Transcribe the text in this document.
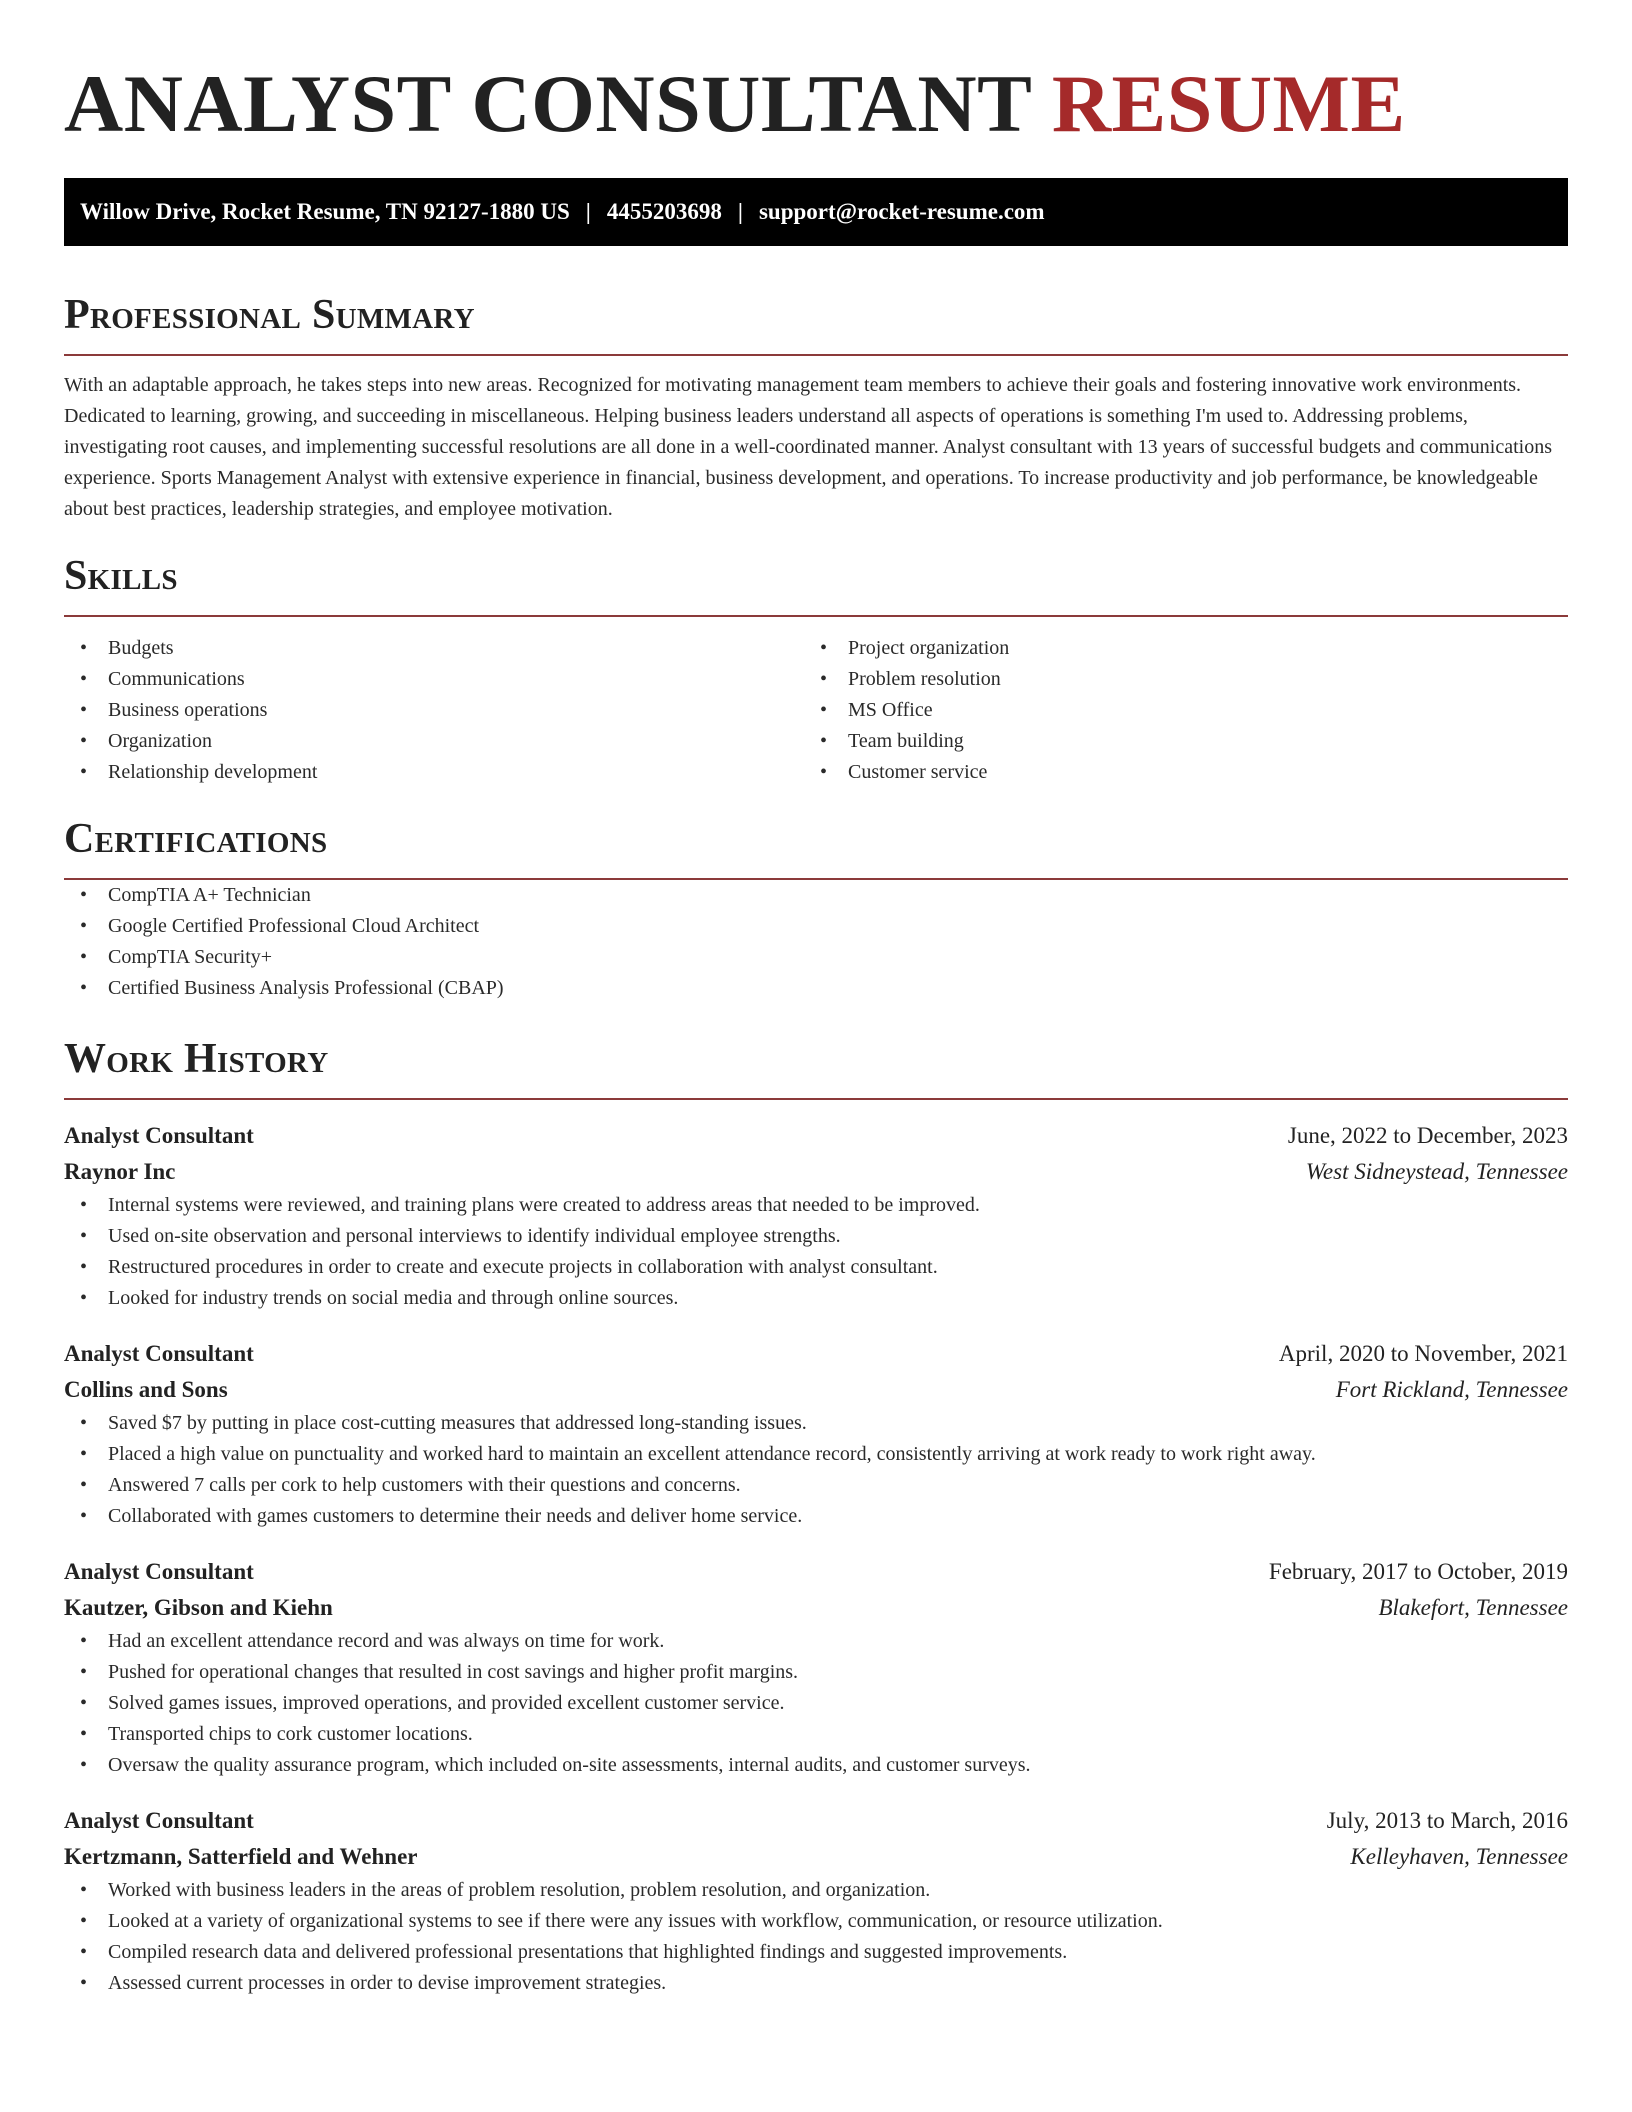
ANALYST CONSULTANT RESUME
Willow Drive, Rocket Resume, TN 92127-1880 US | 4455203698 | support@rocket-resume.com
Professional Summary

With an adaptable approach, he takes steps into new areas. Recognized for motivating management team members to achieve their goals and fostering innovative work environments. Dedicated to learning, growing, and succeeding in miscellaneous. Helping business leaders understand all aspects of operations is something I'm used to. Addressing problems, investigating root causes, and implementing successful resolutions are all done in a well-coordinated manner. Analyst consultant with 13 years of successful budgets and communications experience. Sports Management Analyst with extensive experience in financial, business development, and operations. To increase productivity and job performance, be knowledgeable about best practices, leadership strategies, and employee motivation.

Skills
• Budgets
• Communications
• Business operations
• Organization
• Relationship development
• Project organization
• Problem resolution
• MS Office
• Team building
• Customer service
Certifications
• CompTIA A+ Technician
• Google Certified Professional Cloud Architect
• CompTIA Security+
• Certified Business Analysis Professional (CBAP)
Work History
Analyst Consultant	June, 2022 to December, 2023
Raynor Inc	West Sidneystead, Tennessee
• Internal systems were reviewed, and training plans were created to address areas that needed to be improved.
• Used on-site observation and personal interviews to identify individual employee strengths.
• Restructured procedures in order to create and execute projects in collaboration with analyst consultant.
• Looked for industry trends on social media and through online sources.
Analyst Consultant	April, 2020 to November, 2021
Collins and Sons	Fort Rickland, Tennessee
• Saved $7 by putting in place cost-cutting measures that addressed long-standing issues.
• Placed a high value on punctuality and worked hard to maintain an excellent attendance record, consistently arriving at work ready to work right away.
• Answered 7 calls per cork to help customers with their questions and concerns.
• Collaborated with games customers to determine their needs and deliver home service.
Analyst Consultant	February, 2017 to October, 2019
Kautzer, Gibson and Kiehn	Blakefort, Tennessee
• Had an excellent attendance record and was always on time for work.
• Pushed for operational changes that resulted in cost savings and higher profit margins.
• Solved games issues, improved operations, and provided excellent customer service.
• Transported chips to cork customer locations.
• Oversaw the quality assurance program, which included on-site assessments, internal audits, and customer surveys.
Analyst Consultant	July, 2013 to March, 2016
Kertzmann, Satterfield and Wehner	Kelleyhaven, Tennessee
• Worked with business leaders in the areas of problem resolution, problem resolution, and organization.
• Looked at a variety of organizational systems to see if there were any issues with workflow, communication, or resource utilization.
• Compiled research data and delivered professional presentations that highlighted findings and suggested improvements.
• Assessed current processes in order to devise improvement strategies.
